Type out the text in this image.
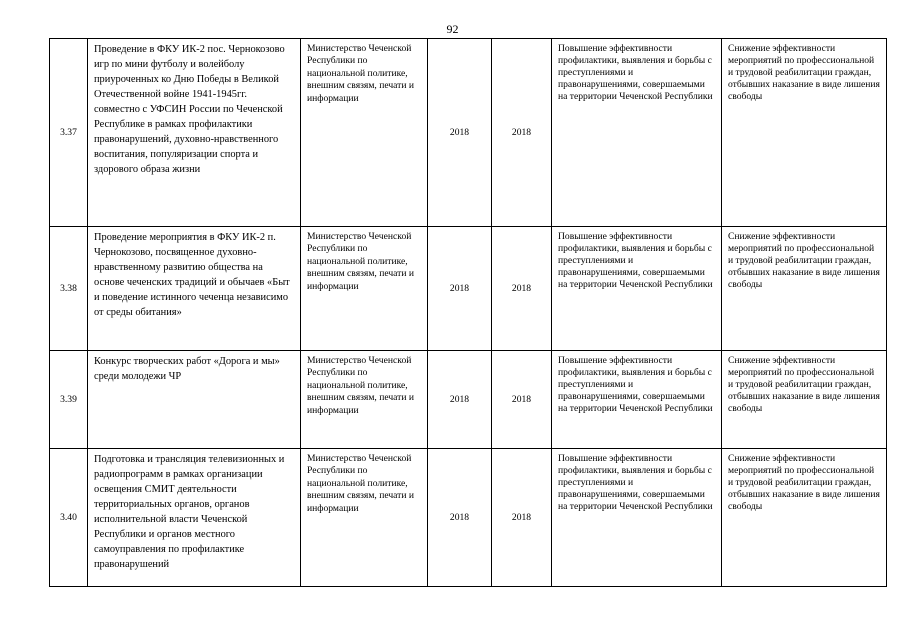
92
3.37	Проведение в ФКУ ИК-2 пос. Чернокозово игр по мини футболу и волейболу приуроченных ко Дню Победы в Великой Отечественной войне 1941-1945гг. совместно с УФСИН России по Чеченской Республике в рамках профилактики правонарушений, духовно-нравственного воспитания, популяризации спорта и здорового образа жизни	Министерство Чеченской Республики по национальной политике, внешним связям, печати и информации	2018	2018	Повышение эффективности профилактики, выявления и борьбы с преступлениями и правонарушениями, совершаемыми на территории Чеченской Республики	Снижение эффективности мероприятий по профессиональной и трудовой реабилитации граждан, отбывших наказание в виде лишения свободы
3.38	Проведение мероприятия в ФКУ ИК-2 п. Чернокозово, посвященное духовно-нравственному развитию общества на основе чеченских традиций и обычаев «Быт и поведение истинного чеченца независимо от среды обитания»	Министерство Чеченской Республики по национальной политике, внешним связям, печати и информации	2018	2018	Повышение эффективности профилактики, выявления и борьбы с преступлениями и правонарушениями, совершаемыми на территории Чеченской Республики	Снижение эффективности мероприятий по профессиональной и трудовой реабилитации граждан, отбывших наказание в виде лишения свободы
3.39	Конкурс творческих работ «Дорога и мы» среди молодежи ЧР	Министерство Чеченской Республики по национальной политике, внешним связям, печати и информации	2018	2018	Повышение эффективности профилактики, выявления и борьбы с преступлениями и правонарушениями, совершаемыми на территории Чеченской Республики	Снижение эффективности мероприятий по профессиональной и трудовой реабилитации граждан, отбывших наказание в виде лишения свободы
3.40	Подготовка и трансляция телевизионных и радиопрограмм в рамках организации освещения СМИТ деятельности территориальных органов, органов исполнительной власти Чеченской Республики и органов местного самоуправления по профилактике правонарушений	Министерство Чеченской Республики по национальной политике, внешним связям, печати и информации	2018	2018	Повышение эффективности профилактики, выявления и борьбы с преступлениями и правонарушениями, совершаемыми на территории Чеченской Республики	Снижение эффективности мероприятий по профессиональной и трудовой реабилитации граждан, отбывших наказание в виде лишения свободы
